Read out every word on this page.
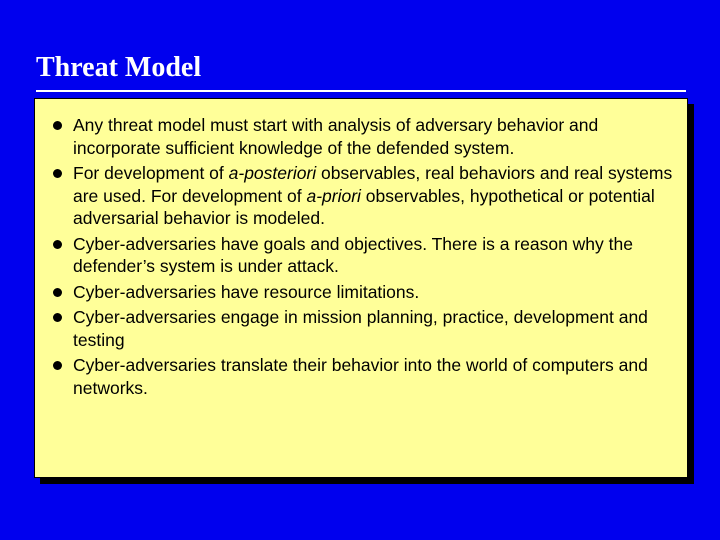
Threat Model
Any threat model must start with analysis of adversary behavior and incorporate sufficient knowledge of the defended system.
For development of a-posteriori observables, real behaviors and real systems are used. For development of a-priori observables, hypothetical or potential adversarial behavior is modeled.
Cyber-adversaries have goals and objectives. There is a reason why the defender’s system is under attack.
Cyber-adversaries have resource limitations.
Cyber-adversaries engage in mission planning, practice, development and testing
Cyber-adversaries translate their behavior into the world of computers and networks.
